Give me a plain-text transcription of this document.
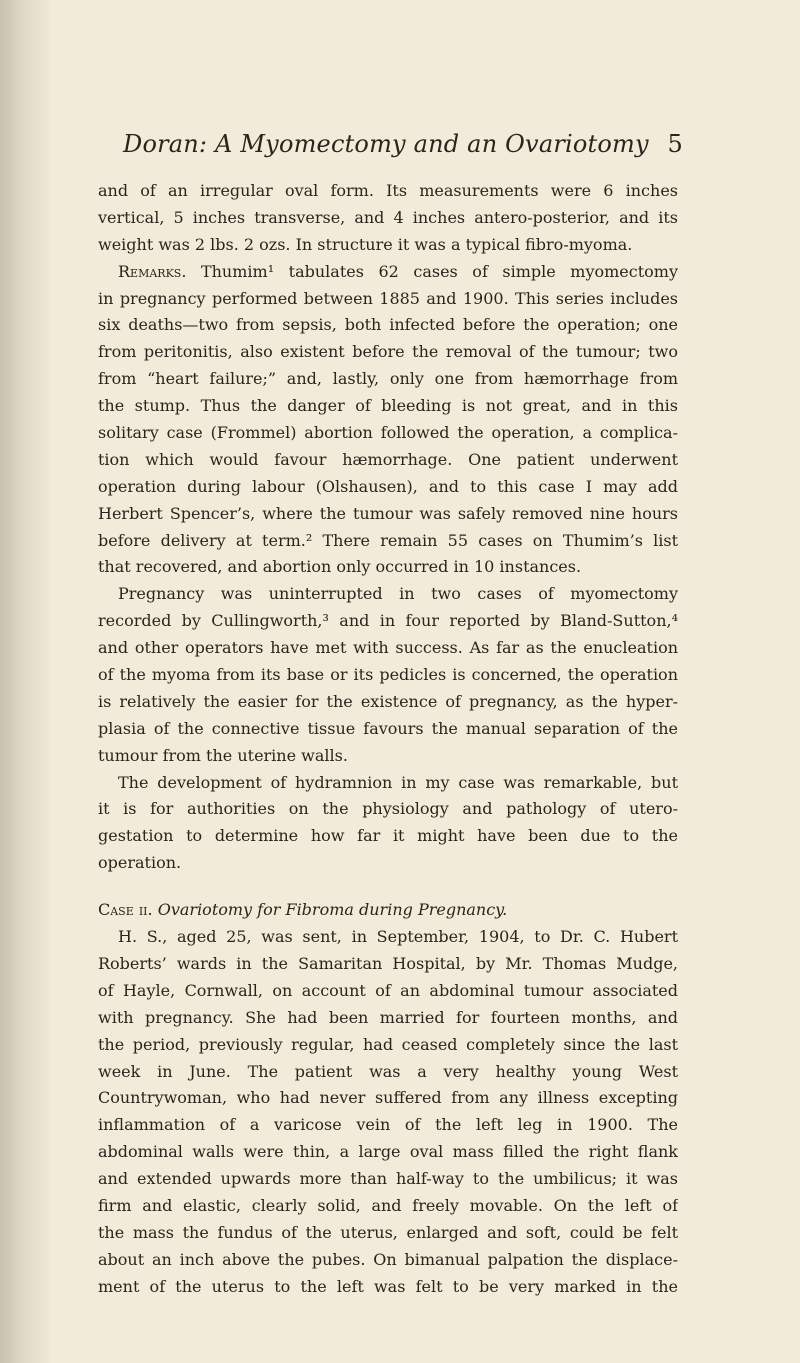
Doran: A Myomectomy and an Ovariotomy 5
and of an irregular oval form. Its measurements were 6 inches
vertical, 5 inches transverse, and 4 inches antero-posterior, and its
weight was 2 lbs. 2 ozs. In structure it was a typical fibro-myoma.
Remarks. Thumim¹ tabulates 62 cases of simple myomectomy
in pregnancy performed between 1885 and 1900. This series includes
six deaths—two from sepsis, both infected before the operation; one
from peritonitis, also existent before the removal of the tumour; two
from “heart failure;” and, lastly, only one from hæmorrhage from
the stump. Thus the danger of bleeding is not great, and in this
solitary case (Frommel) abortion followed the operation, a complica-
tion which would favour hæmorrhage. One patient underwent
operation during labour (Olshausen), and to this case I may add
Herbert Spencer’s, where the tumour was safely removed nine hours
before delivery at term.² There remain 55 cases on Thumim’s list
that recovered, and abortion only occurred in 10 instances.
Pregnancy was uninterrupted in two cases of myomectomy
recorded by Cullingworth,³ and in four reported by Bland-Sutton,⁴
and other operators have met with success. As far as the enucleation
of the myoma from its base or its pedicles is concerned, the operation
is relatively the easier for the existence of pregnancy, as the hyper-
plasia of the connective tissue favours the manual separation of the
tumour from the uterine walls.
The development of hydramnion in my case was remarkable, but
it is for authorities on the physiology and pathology of utero-
gestation to determine how far it might have been due to the
operation.
Case ii. Ovariotomy for Fibroma during Pregnancy.
H. S., aged 25, was sent, in September, 1904, to Dr. C. Hubert
Roberts’ wards in the Samaritan Hospital, by Mr. Thomas Mudge,
of Hayle, Cornwall, on account of an abdominal tumour associated
with pregnancy. She had been married for fourteen months, and
the period, previously regular, had ceased completely since the last
week in June. The patient was a very healthy young West
Countrywoman, who had never suffered from any illness excepting
inflammation of a varicose vein of the left leg in 1900. The
abdominal walls were thin, a large oval mass filled the right flank
and extended upwards more than half-way to the umbilicus; it was
firm and elastic, clearly solid, and freely movable. On the left of
the mass the fundus of the uterus, enlarged and soft, could be felt
about an inch above the pubes. On bimanual palpation the displace-
ment of the uterus to the left was felt to be very marked in the
